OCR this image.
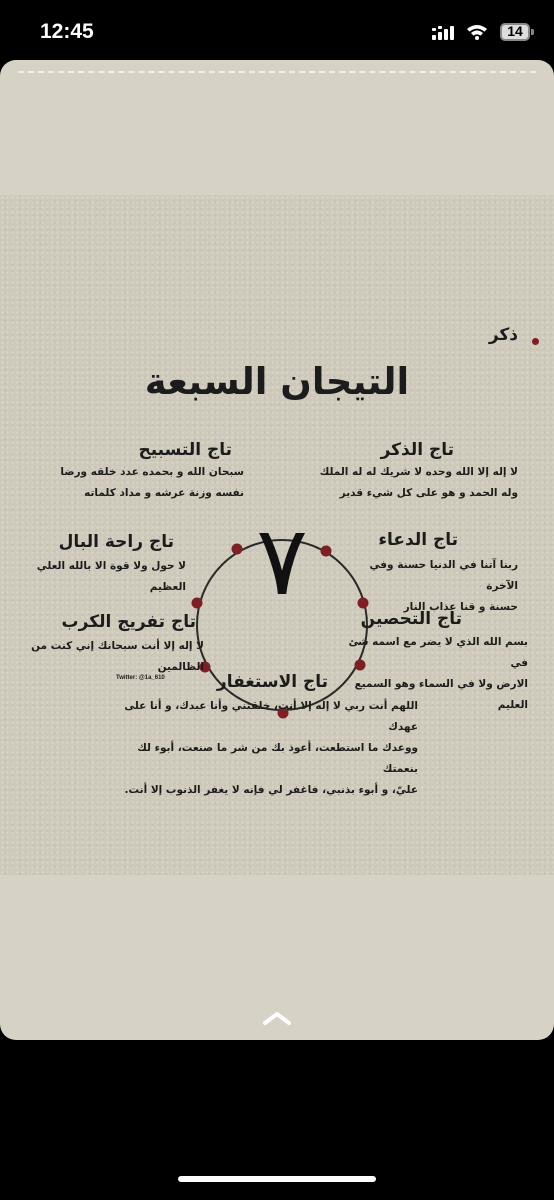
12:45	14
ذكر
التيجان السبعة
٧
تاج الذكر
لا إله إلا الله وحده لا شريك له له الملك
وله الحمد و هو على كل شيء قدير
تاج التسبيح
سبحان الله و بحمده عدد خلقه ورضا
نفسه وزنة عرشه و مداد كلماته
تاج الدعاء
ربنا آتنا في الدنيا حسنة وفي الآخرة
حسنة و قنا عذاب النار
تاج راحة البال
لا حول ولا قوة الا بالله العلي العظيم
تاج التحصين
بسم الله الذي لا يضر مع اسمه شئ في
الارض ولا في السماء وهو السميع العليم
تاج تفريج الكرب
لا إله إلا أنت سبحانك إني كنت من الظالمين
Twitter: @1a_610	تاج الاستغفار
اللهم أنت ربي لا إله إلا أنت، خلقتني وأنا عبدك، و أنا على عهدك
ووعدك ما استطعت، أعوذ بك من شر ما صنعت، أبوء لك بنعمتك
عليّ، و أبوء بذنبي، فاغفر لي فإنه لا يغفر الذنوب إلا أنت.
